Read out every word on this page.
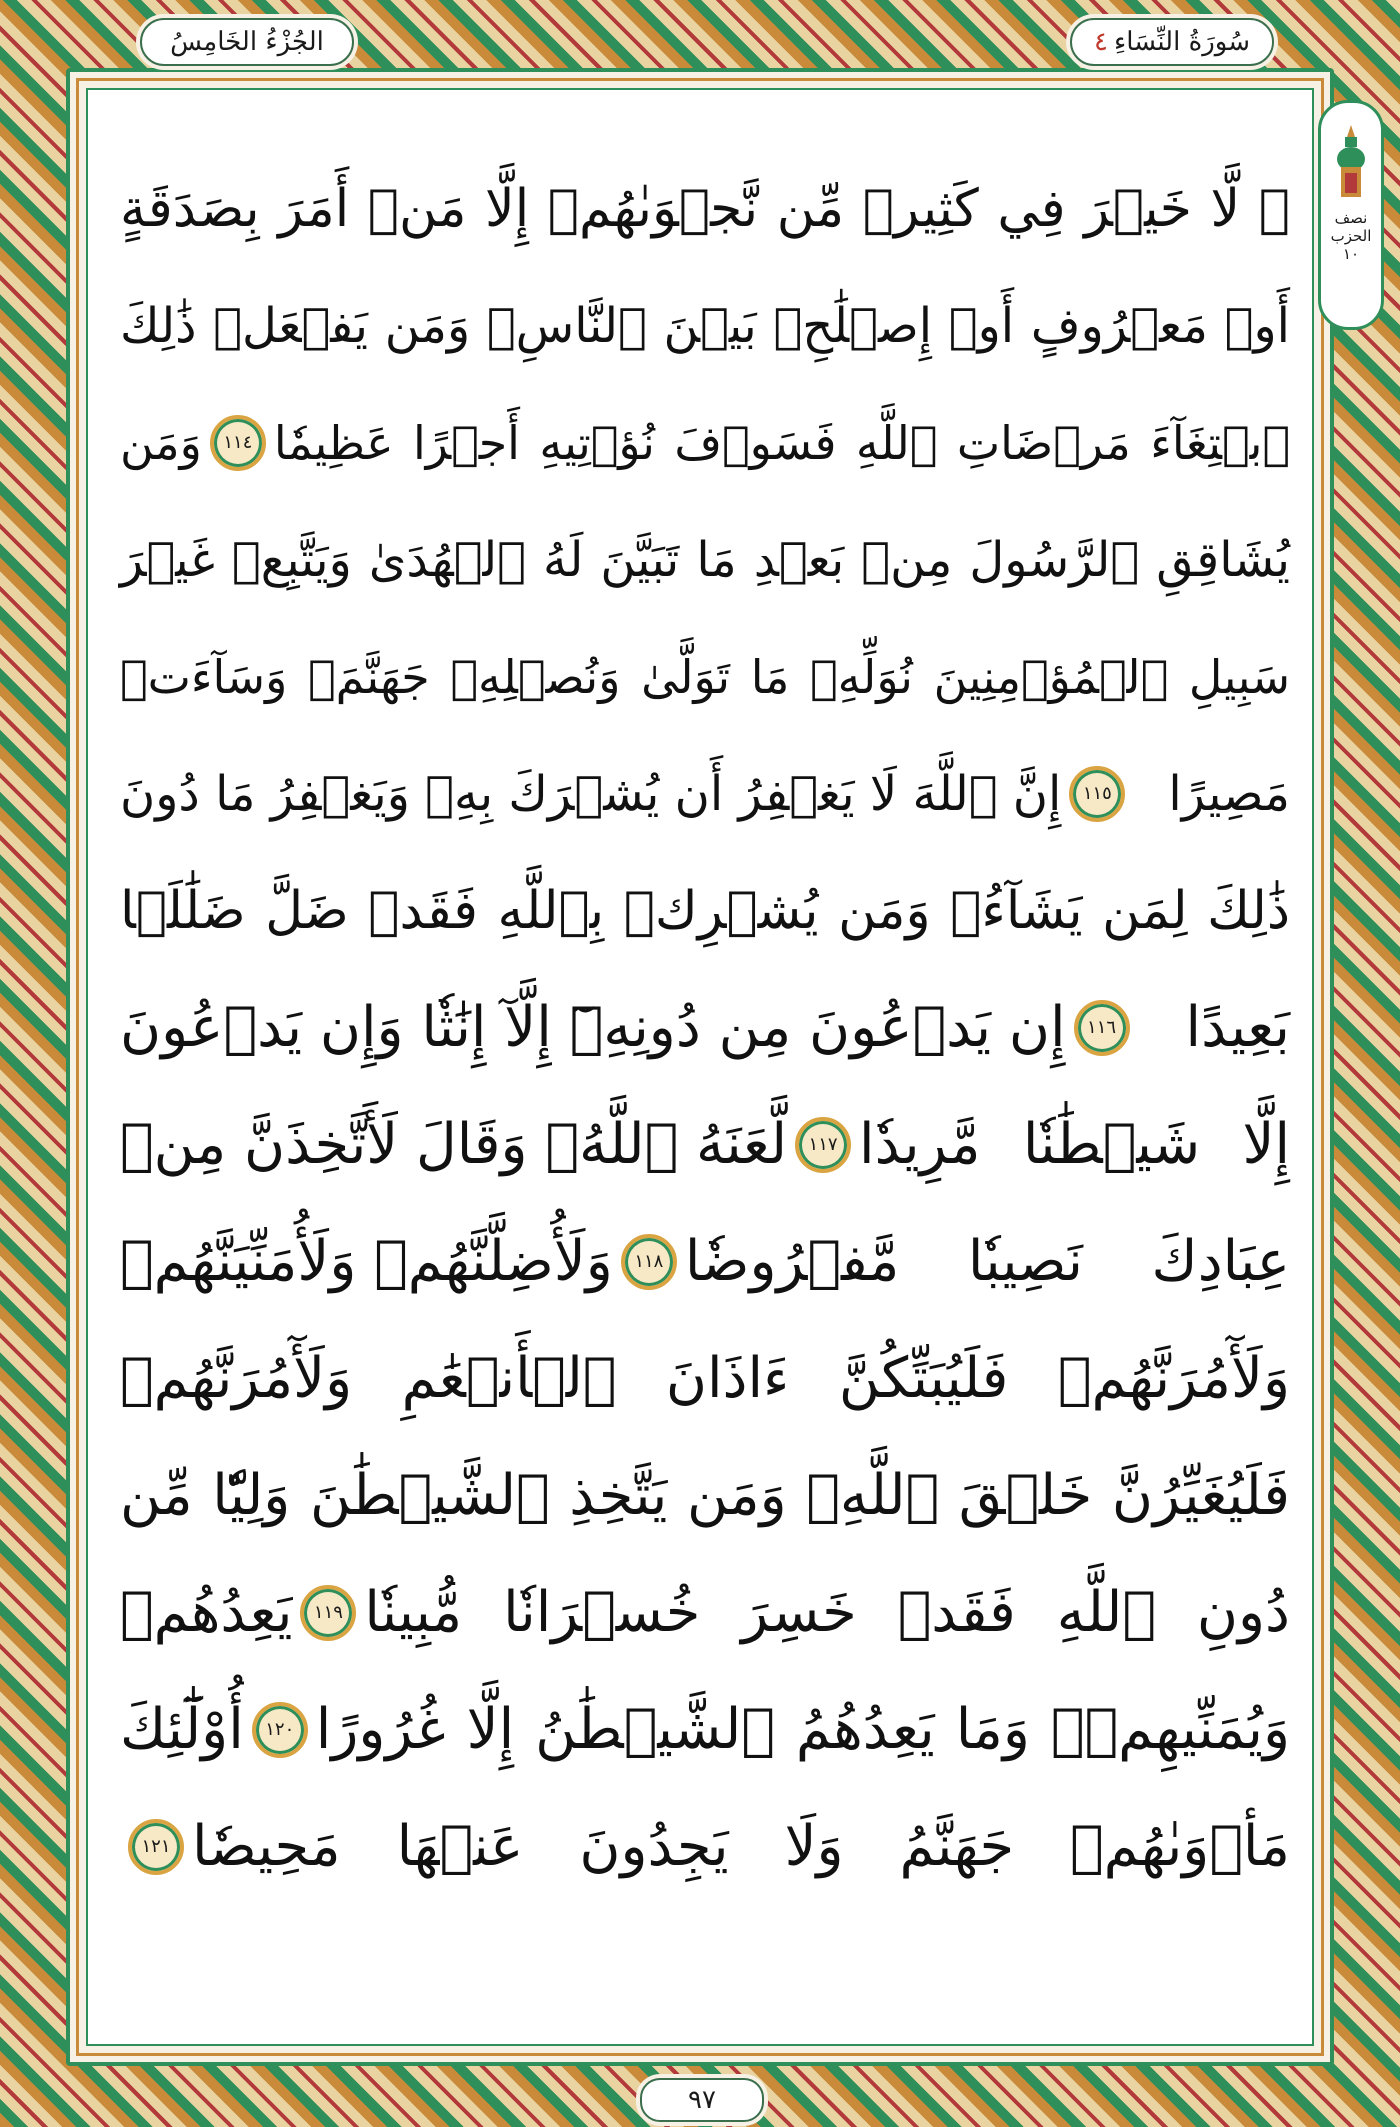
الجُزْءُ الخَامِسُ	سُورَةُ النِّسَاءِ
٤
نصف
الحزب
١٠
۞ لَّا خَيۡرَ فِي كَثِيرٖ مِّن نَّجۡوَىٰهُمۡ إِلَّا مَنۡ أَمَرَ بِصَدَقَةٍ
أَوۡ مَعۡرُوفٍ أَوۡ إِصۡلَٰحِۭ بَيۡنَ ٱلنَّاسِۚ وَمَن يَفۡعَلۡ ذَٰلِكَ
ٱبۡتِغَآءَ مَرۡضَاتِ ٱللَّهِ فَسَوۡفَ نُؤۡتِيهِ أَجۡرًا عَظِيمٗا
١١٤
وَمَن
يُشَاقِقِ ٱلرَّسُولَ مِنۢ بَعۡدِ مَا تَبَيَّنَ لَهُ ٱلۡهُدَىٰ وَيَتَّبِعۡ غَيۡرَ
سَبِيلِ ٱلۡمُؤۡمِنِينَ نُوَلِّهِۦ مَا تَوَلَّىٰ وَنُصۡلِهِۦ جَهَنَّمَۖ وَسَآءَتۡ
مَصِيرًا
١١٥
إِنَّ ٱللَّهَ لَا يَغۡفِرُ أَن يُشۡرَكَ بِهِۦ وَيَغۡفِرُ مَا دُونَ
ذَٰلِكَ لِمَن يَشَآءُۚ وَمَن يُشۡرِكۡ بِٱللَّهِ فَقَدۡ ضَلَّ ضَلَٰلَۢا
بَعِيدًا
١١٦
إِن يَدۡعُونَ مِن دُونِهِۦٓ إِلَّآ إِنَٰثٗا وَإِن يَدۡعُونَ
إِلَّا شَيۡطَٰنٗا مَّرِيدٗا
١١٧
لَّعَنَهُ ٱللَّهُۘ وَقَالَ لَأَتَّخِذَنَّ مِنۡ
عِبَادِكَ نَصِيبٗا مَّفۡرُوضٗا
١١٨
وَلَأُضِلَّنَّهُمۡ وَلَأُمَنِّيَنَّهُمۡ
وَلَأٓمُرَنَّهُمۡ فَلَيُبَتِّكُنَّ ءَاذَانَ ٱلۡأَنۡعَٰمِ وَلَأٓمُرَنَّهُمۡ
فَلَيُغَيِّرُنَّ خَلۡقَ ٱللَّهِۚ وَمَن يَتَّخِذِ ٱلشَّيۡطَٰنَ وَلِيّٗا مِّن
دُونِ ٱللَّهِ فَقَدۡ خَسِرَ خُسۡرَانٗا مُّبِينٗا
١١٩
يَعِدُهُمۡ
وَيُمَنِّيهِمۡۖ وَمَا يَعِدُهُمُ ٱلشَّيۡطَٰنُ إِلَّا غُرُورًا
١٢٠
أُوْلَٰٓئِكَ
مَأۡوَىٰهُمۡ جَهَنَّمُ وَلَا يَجِدُونَ عَنۡهَا مَحِيصٗا
١٢١
٩٧
